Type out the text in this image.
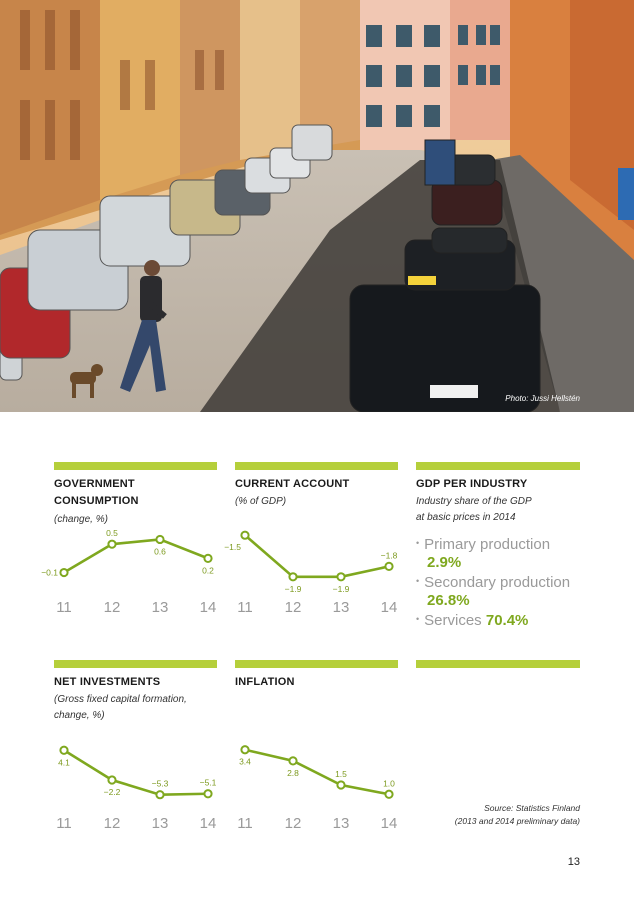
Photo: Jussi Hellstén
GOVERNMENT
CONSUMPTION
(change, %)
−0.1
0.5
0.6
0.2
11 12 13 14
CURRENT ACCOUNT
(% of GDP)
−1.5
−1.9	−1.9
−1.8
11 12 13 14
GDP PER INDUSTRY
Industry share of the GDP
at basic prices in 2014
• Primary production
2.9%
• Secondary production
26.8%
• Services 70.4%
NET INVESTMENTS
(Gross fixed capital formation,
change, %)
4.1
−2.2
−5.3	−5.1
11 12 13 14
INFLATION
3.4
2.8	1.5
1.0
11 12 13 14
Source: Statistics Finland
(2013 and 2014 preliminary data)
13
